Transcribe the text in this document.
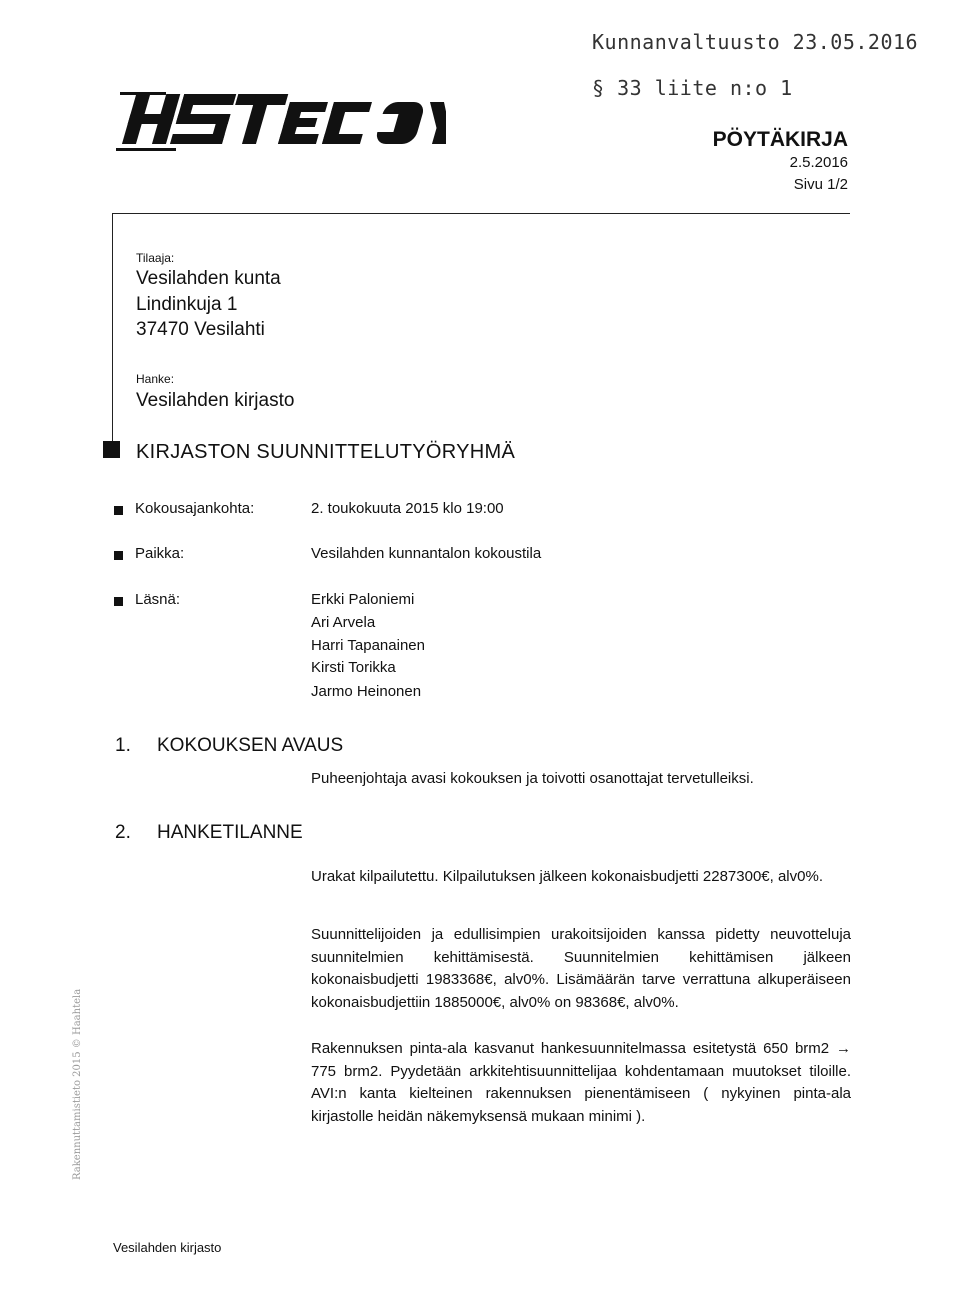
Kunnanvaltuusto 23.05.2016
§ 33 liite n:o 1
PÖYTÄKIRJA
2.5.2016
Sivu 1/2
Tilaaja:
Vesilahden kunta
Lindinkuja 1
37470 Vesilahti
Hanke:
Vesilahden kirjasto
KIRJASTON SUUNNITTELUTYÖRYHMÄ
Kokousajankohta:	2. toukokuuta 2015 klo 19:00
Paikka:	Vesilahden kunnantalon kokoustila
Läsnä:	Erkki Paloniemi
Ari Arvela
Harri Tapanainen
Kirsti Torikka
Jarmo Heinonen
1. KOKOUKSEN AVAUS
Puheenjohtaja avasi kokouksen ja toivotti osanottajat tervetulleiksi.
2. HANKETILANNE
Urakat kilpailutettu. Kilpailutuksen jälkeen kokonaisbudjetti 2287300€, alv0%.
Suunnittelijoiden ja edullisimpien urakoitsijoiden kanssa pidetty neuvotteluja suunnitelmien kehittämisestä. Suunnitelmien kehittämisen jälkeen kokonaisbudjetti 1983368€, alv0%. Lisämäärän tarve verrattuna alkuperäiseen kokonaisbudjettiin 1885000€, alv0% on 98368€, alv0%.
Rakennuksen pinta-ala kasvanut hankesuunnitelmassa esitetystä 650 brm2 → 775 brm2. Pyydetään arkkitehtisuunnittelijaa kohdentamaan muutokset tiloille. AVI:n kanta kielteinen rakennuksen pienentämiseen ( nykyinen pinta-ala kirjastolle heidän näkemyksensä mukaan minimi ).
Rakennuttamistieto 2015 © Haahtela
Vesilahden kirjasto
